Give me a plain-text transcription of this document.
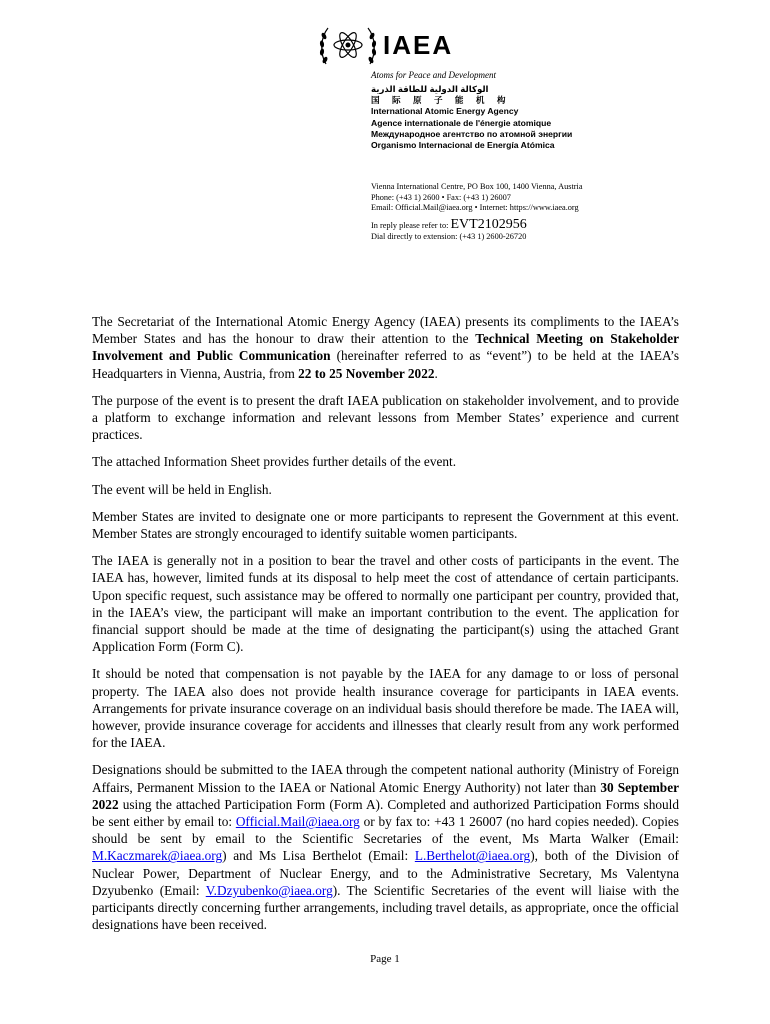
IAEA
Atoms for Peace and Development
الوكالة الدولية للطاقة الذرية
国 际 原 子 能 机 构
International Atomic Energy Agency
Agence internationale de l'énergie atomique
Международное агентство по атомной энергии
Organismo Internacional de Energía Atómica
Vienna International Centre, PO Box 100, 1400 Vienna, Austria
Phone: (+43 1) 2600 • Fax: (+43 1) 26007
Email: Official.Mail@iaea.org • Internet: https://www.iaea.org
In reply please refer to: EVT2102956
Dial directly to extension: (+43 1) 2600-26720

The Secretariat of the International Atomic Energy Agency (IAEA) presents its compliments to the IAEA’s Member States and has the honour to draw their attention to the Technical Meeting on Stakeholder Involvement and Public Communication (hereinafter referred to as “event”) to be held at the IAEA’s Headquarters in Vienna, Austria, from 22 to 25 November 2022.

The purpose of the event is to present the draft IAEA publication on stakeholder involvement, and to provide a platform to exchange information and relevant lessons from Member States’ experience and current practices.

The attached Information Sheet provides further details of the event.

The event will be held in English.

Member States are invited to designate one or more participants to represent the Government at this event. Member States are strongly encouraged to identify suitable women participants.

The IAEA is generally not in a position to bear the travel and other costs of participants in the event. The IAEA has, however, limited funds at its disposal to help meet the cost of attendance of certain participants. Upon specific request, such assistance may be offered to normally one participant per country, provided that, in the IAEA’s view, the participant will make an important contribution to the event. The application for financial support should be made at the time of designating the participant(s) using the attached Grant Application Form (Form C).

It should be noted that compensation is not payable by the IAEA for any damage to or loss of personal property. The IAEA also does not provide health insurance coverage for participants in IAEA events. Arrangements for private insurance coverage on an individual basis should therefore be made. The IAEA will, however, provide insurance coverage for accidents and illnesses that clearly result from any work performed for the IAEA.

Designations should be submitted to the IAEA through the competent national authority (Ministry of Foreign Affairs, Permanent Mission to the IAEA or National Atomic Energy Authority) not later than 30 September 2022 using the attached Participation Form (Form A). Completed and authorized Participation Forms should be sent either by email to: Official.Mail@iaea.org or by fax to: +43 1 26007 (no hard copies needed). Copies should be sent by email to the Scientific Secretaries of the event, Ms Marta Walker (Email: M.Kaczmarek@iaea.org) and Ms Lisa Berthelot (Email: L.Berthelot@iaea.org), both of the Division of Nuclear Power, Department of Nuclear Energy, and to the Administrative Secretary, Ms Valentyna Dzyubenko (Email: V.Dzyubenko@iaea.org). The Scientific Secretaries of the event will liaise with the participants directly concerning further arrangements, including travel details, as appropriate, once the official designations have been received.

Page 1
